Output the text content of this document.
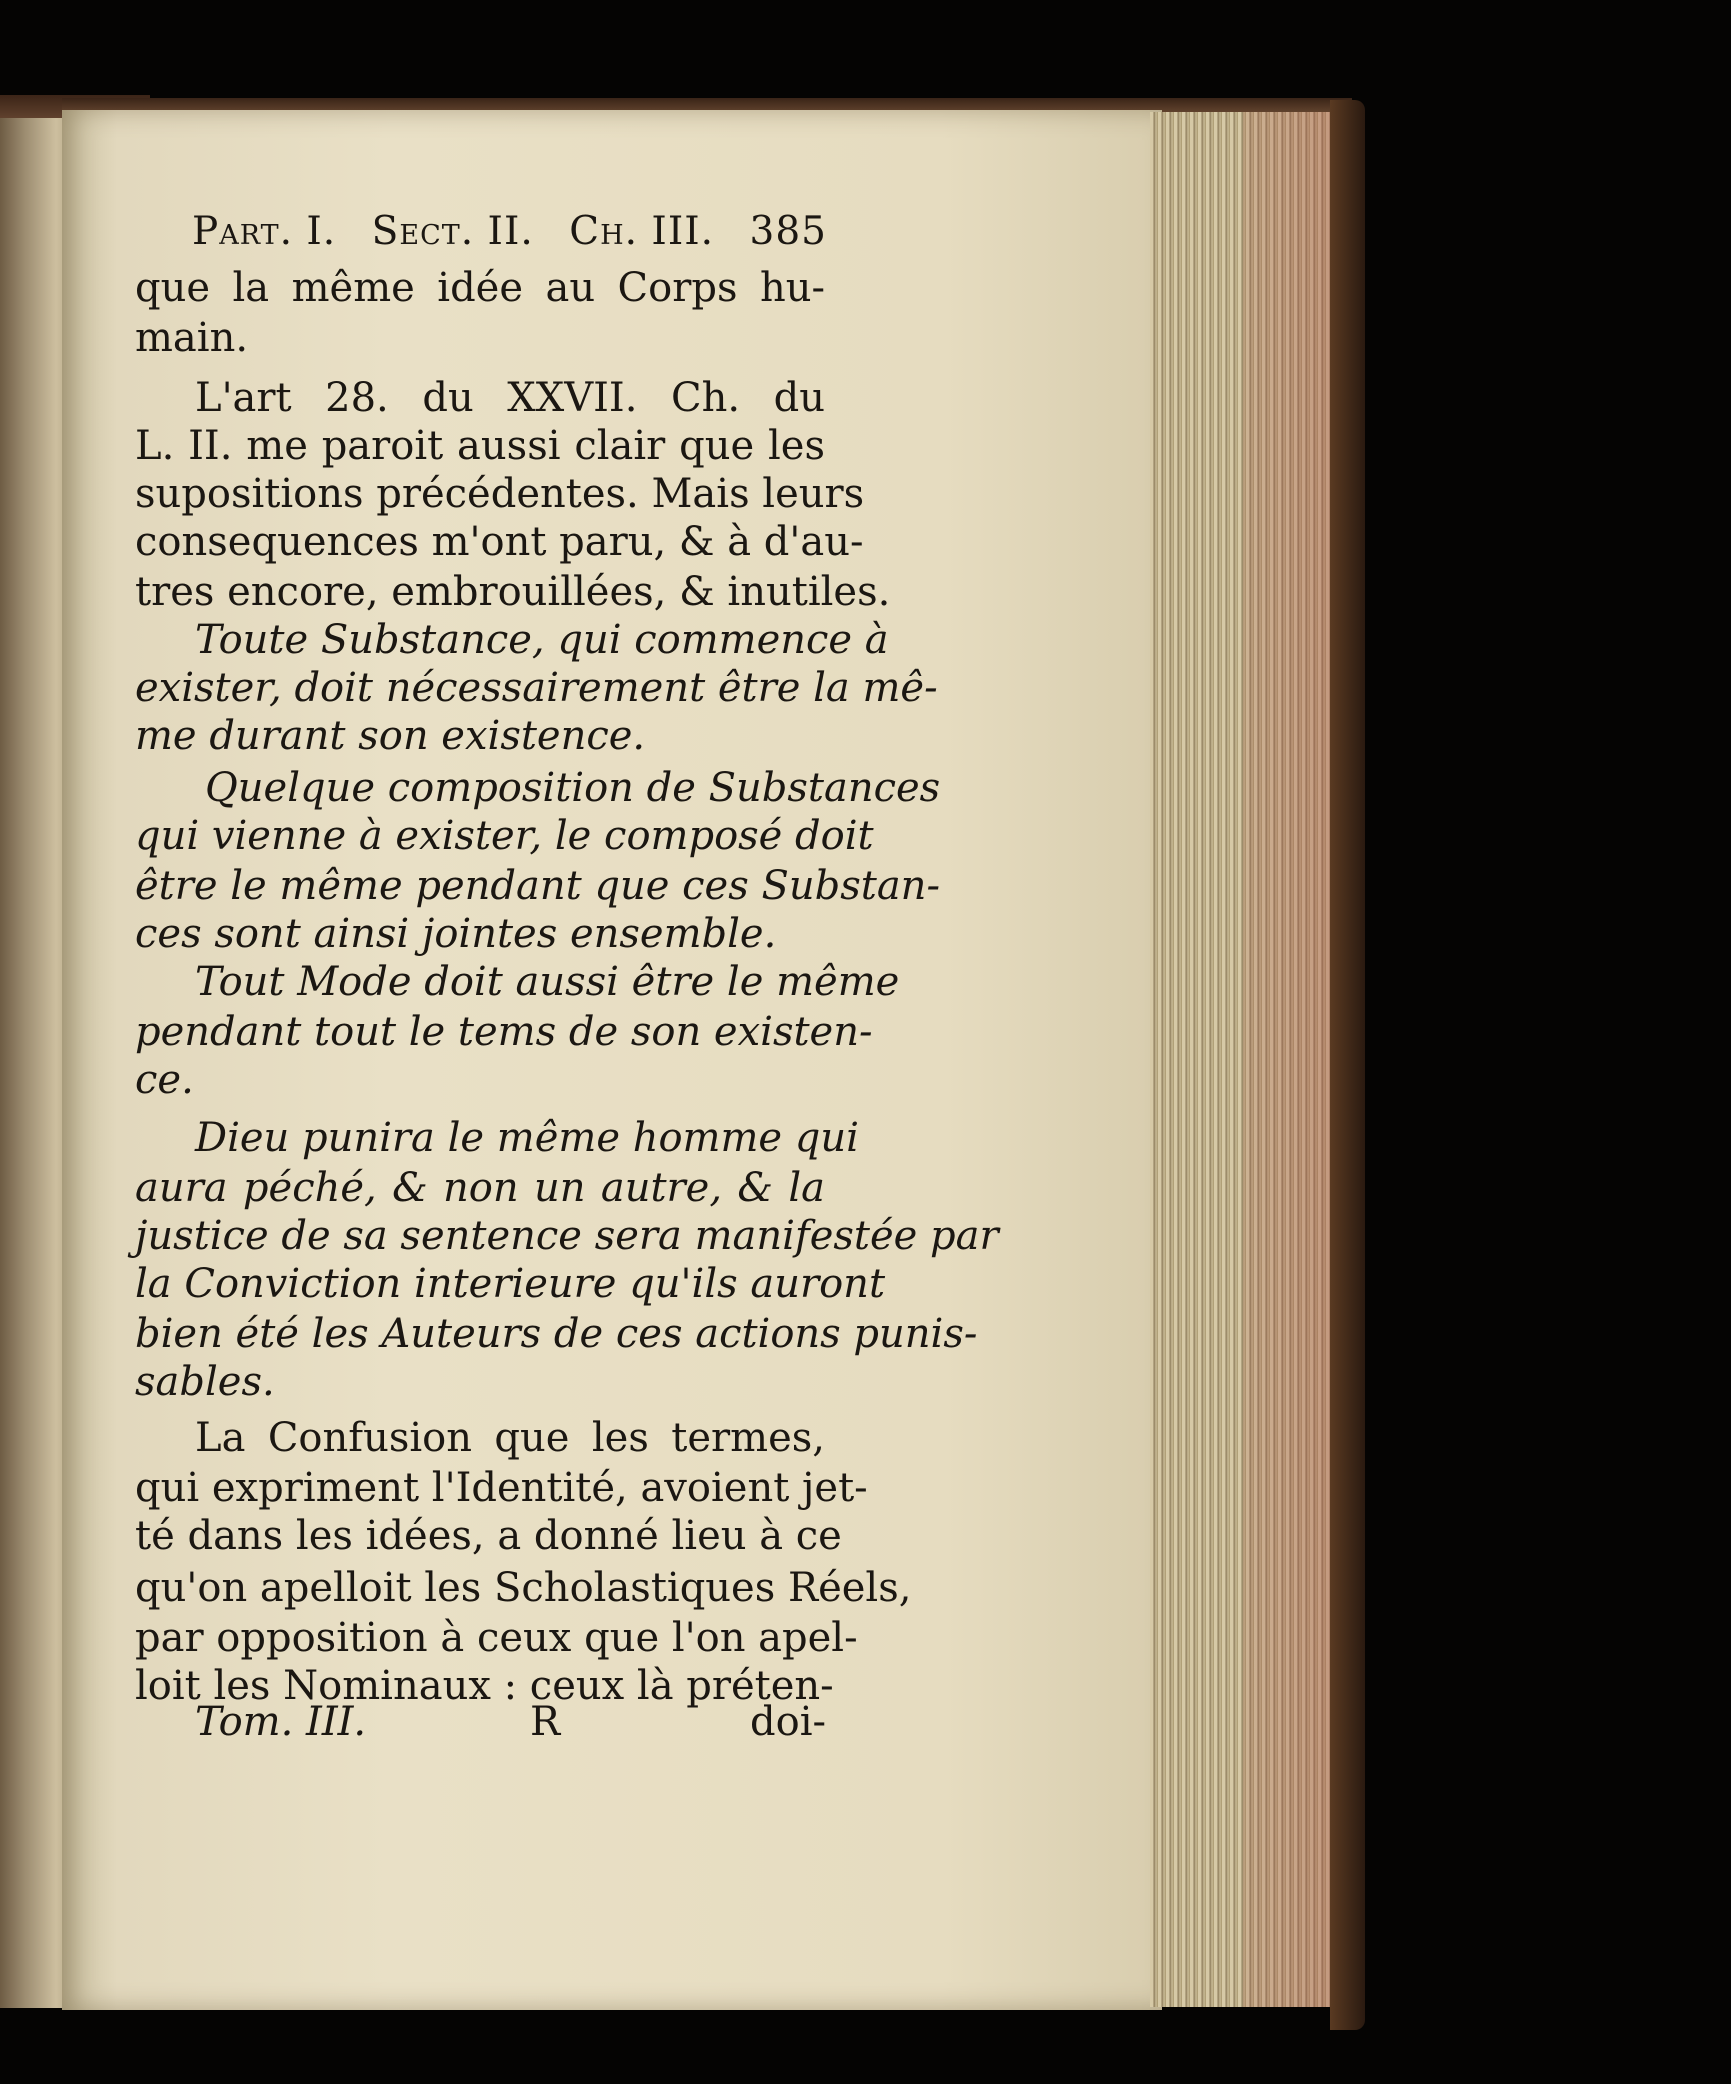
Part. I. Sect. II. Ch. III. 385
que la même idée au Corps hu-
main.
L'art 28. du XXVII. Ch. du
L. II. me paroit aussi clair que les
supositions précédentes. Mais leurs
consequences m'ont paru, & à d'au-
tres encore, embrouillées, & inutiles.
Toute Substance, qui commence à
exister, doit nécessairement être la mê-
me durant son existence.
Quelque composition de Substances
qui vienne à exister, le composé doit
être le même pendant que ces Substan-
ces sont ainsi jointes ensemble.
Tout Mode doit aussi être le même
pendant tout le tems de son existen-
ce.
Dieu punira le même homme qui
aura péché, & non un autre, & la
justice de sa sentence sera manifestée par
la Conviction interieure qu'ils auront
bien été les Auteurs de ces actions punis-
sables.
La Confusion que les termes,
qui expriment l'Identité, avoient jet-
té dans les idées, a donné lieu à ce
qu'on apelloit les Scholastiques Réels,
par opposition à ceux que l'on apel-
loit les Nominaux : ceux là préten-
Tom. III.	R	doi-
